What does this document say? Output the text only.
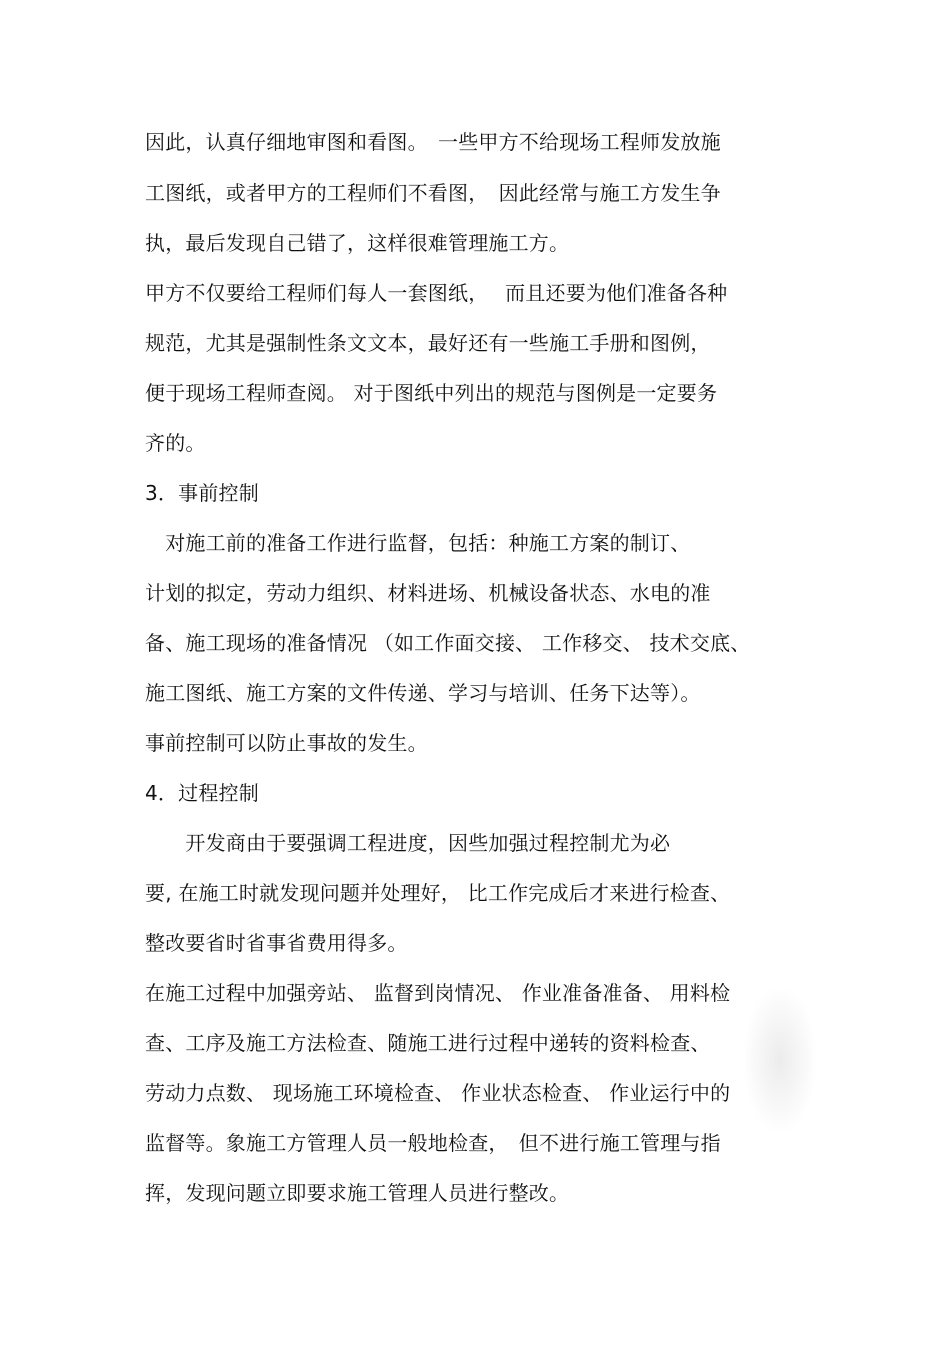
因此，认真仔细地审图和看图。　一些甲方不给现场工程师发放施
工图纸，或者甲方的工程师们不看图，　因此经常与施工方发生争
执，最后发现自己错了，这样很难管理施工方。
甲方不仅要给工程师们每人一套图纸，　 而且还要为他们准备各种
规范，尤其是强制性条文文本，最好还有一些施工手册和图例，
便于现场工程师查阅。 对于图纸中列出的规范与图例是一定要务
齐的。
3．事前控制
　对施工前的准备工作进行监督，包括：种施工方案的制订、
计划的拟定，劳动力组织、材料进场、机械设备状态、水电的准
备、施工现场的准备情况 （如工作面交接、 工作移交、 技术交底、
施工图纸、施工方案的文件传递、学习与培训、任务下达等）。
事前控制可以防止事故的发生。
4．过程控制
　　开发商由于要强调工程进度，因些加强过程控制尤为必
要, 在施工时就发现问题并处理好， 比工作完成后才来进行检查、
整改要省时省事省费用得多。
在施工过程中加强旁站、 监督到岗情况、 作业准备准备、 用料检
查、工序及施工方法检查、随施工进行过程中递转的资料检查、
劳动力点数、 现场施工环境检查、 作业状态检查、 作业运行中的
监督等。象施工方管理人员一般地检查，　但不进行施工管理与指
挥，发现问题立即要求施工管理人员进行整改。
